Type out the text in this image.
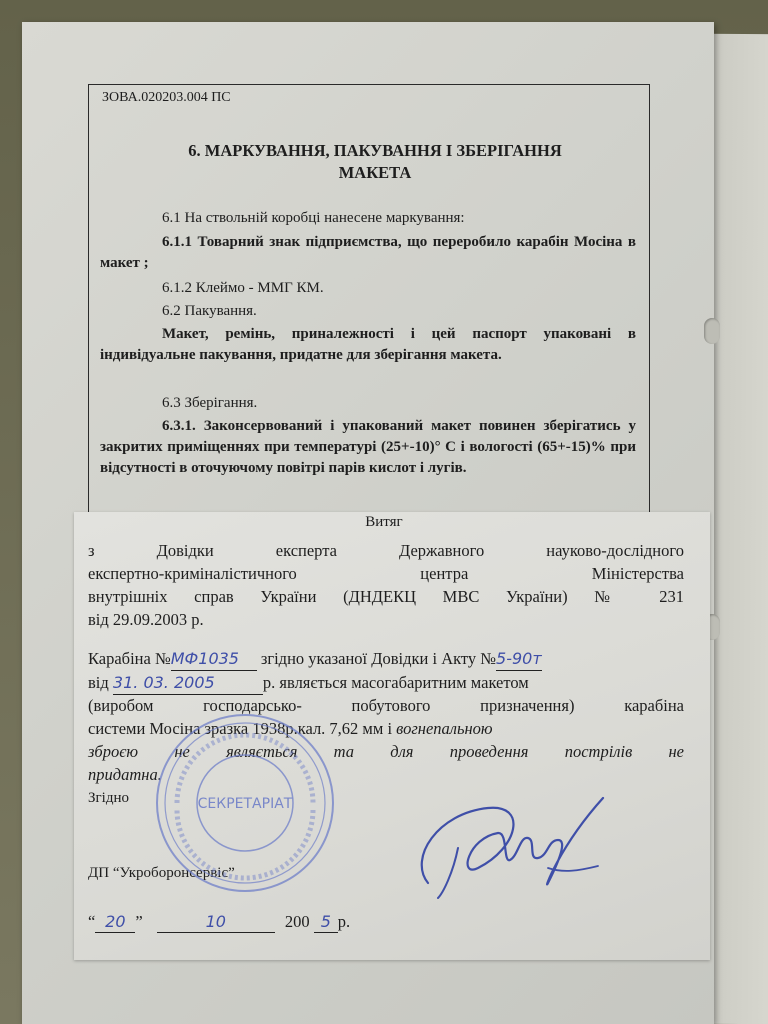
ЗОВА.020203.004 ПС
6. МАРКУВАННЯ, ПАКУВАННЯ І ЗБЕРІГАННЯ
МАКЕТА
6.1 На ствольній коробці нанесене маркування:
6.1.1 Товарний знак підприємства, що переробило карабін Мосіна в макет ;
6.1.2 Клеймо - ММГ КМ.
6.2 Пакування.
Макет, ремінь, приналежності і цей паспорт упаковані в індивідуальне пакування, придатне для зберігання макета.
6.3 Зберігання.
6.3.1. Законсервований і упакований макет повинен зберігатись у закритих приміщеннях при температурі (25+-10)° С і вологості (65+-15)% при відсутності в оточуючому повітрі парів кислот і лугів.
Витяг
з Довідки експерта Державного науково-дослідного
експертно-криміналістичного центра Міністерства
внутрішніх справ України (ДНДЕКЦ МВС України) № 231
від 29.09.2003 р.
Карабіна №МФ1035 згідно указаної Довідки і Акту №5-90т
від 31. 03. 2005	р. являється масогабаритним макетом
(виробом господарсько- побутового призначення) карабіна
системи Мосіна зразка 1938р.кал. 7,62 мм і вогнепальною
зброєю не являється та для проведення пострілів не
придатна.
Згідно
ДП “Укроборонсервіс”
“ 20 ”	10	200 5 р.
СЕКРЕТАРІАТ
